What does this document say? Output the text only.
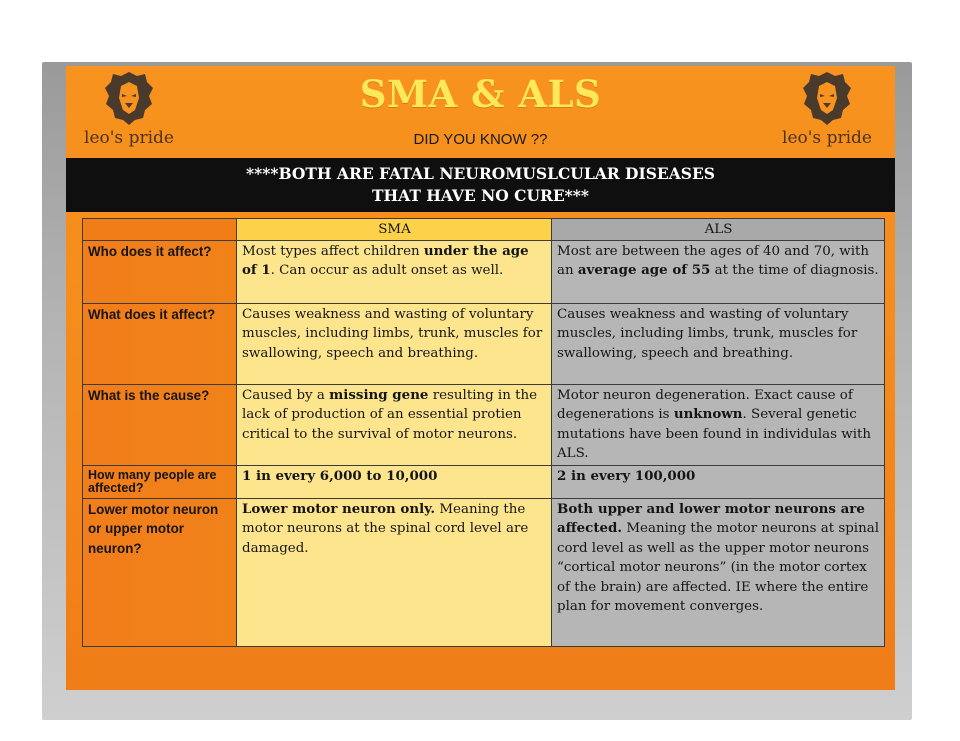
leo's pride	leo's pride
SMA & ALS
DID YOU KNOW ??
****BOTH ARE FATAL NEUROMUSLCULAR DISEASES
THAT HAVE NO CURE***
	SMA	ALS
Who does it affect?	Most types affect children under the age of 1. Can occur as adult onset as well.	Most are between the ages of 40 and 70, with an average age of 55 at the time of diagnosis.
What does it affect?	Causes weakness and wasting of voluntary muscles, including limbs, trunk, muscles for swallowing, speech and breathing.	Causes weakness and wasting of voluntary muscles, including limbs, trunk, muscles for swallowing, speech and breathing.
What is the cause?	Caused by a missing gene resulting in the lack of production of an essential protien critical to the survival of motor neurons.	Motor neuron degeneration. Exact cause of degenerations is unknown. Several genetic mutations have been found in individulas with ALS.
How many people are affected?	1 in every 6,000 to 10,000	2 in every 100,000
Lower motor neuron or upper motor neuron?	Lower motor neuron only. Meaning the motor neurons at the spinal cord level are damaged.	Both upper and lower motor neurons are affected. Meaning the motor neurons at spinal cord level as well as the upper motor neurons “cortical motor neurons” (in the motor cortex of the brain) are affected. IE where the entire plan for movement converges.
